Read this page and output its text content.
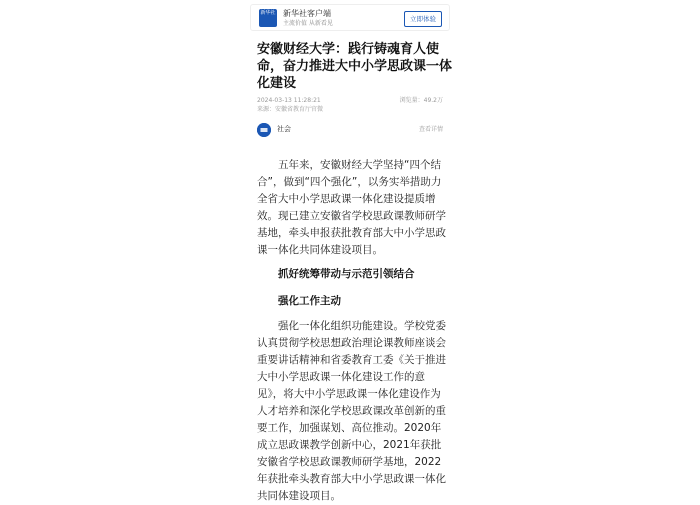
新华社 新华社客户端
主流价值 从新看见
立即体验
安徽财经大学：践行铸魂育人使命，奋力推进大中小学思政课一体化建设
2024-03-13 11:28:21	浏览量：49.2万
来源：安徽省教育厅官微
社会	查看详情

五年来，安徽财经大学坚持“四个结合”，做到“四个强化”，以务实举措助力全省大中小学思政课一体化建设提质增效。现已建立安徽省学校思政课教师研学基地，牵头申报获批教育部大中小学思政课一体化共同体建设项目。

抓好统筹带动与示范引领结合
强化工作主动

强化一体化组织功能建设。学校党委认真贯彻学校思想政治理论课教师座谈会重要讲话精神和省委教育工委《关于推进大中小学思政课一体化建设工作的意见》，将大中小学思政课一体化建设作为人才培养和深化学校思政课改革创新的重要工作，加强谋划、高位推动。2020年成立思政课教学创新中心，2021年获批安徽省学校思政课教师研学基地，2022年获批牵头教育部大中小学思政课一体化共同体建设项目。
